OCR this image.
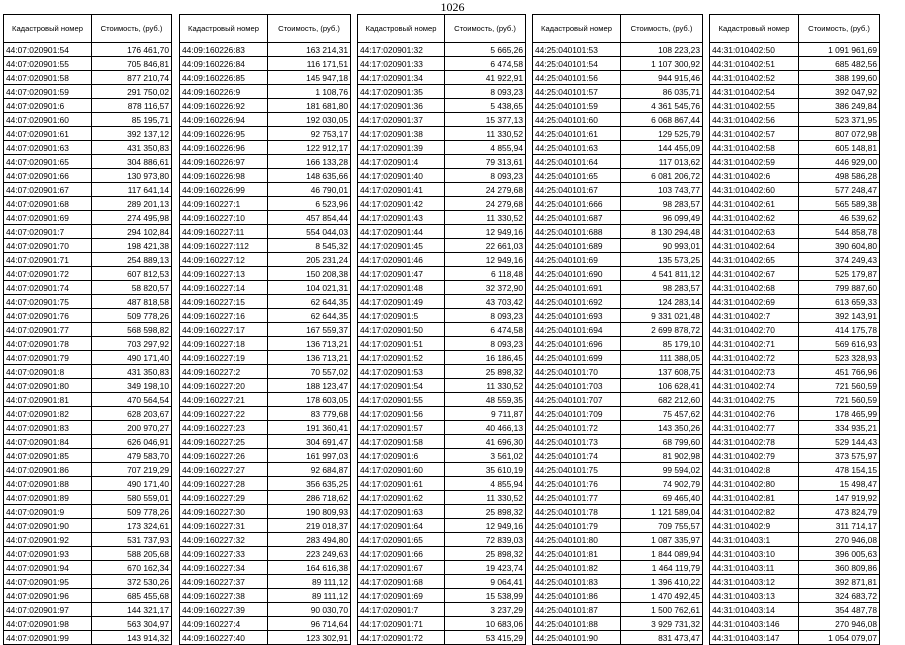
1026
Кадастровый номер	Стоимость, (руб.)
44:07:020901:54	176 461,70
44:07:020901:55	705 846,81
44:07:020901:58	877 210,74
44:07:020901:59	291 750,02
44:07:020901:6	878 116,57
44:07:020901:60	85 195,71
44:07:020901:61	392 137,12
44:07:020901:63	431 350,83
44:07:020901:65	304 886,61
44:07:020901:66	130 973,80
44:07:020901:67	117 641,14
44:07:020901:68	289 201,13
44:07:020901:69	274 495,98
44:07:020901:7	294 102,84
44:07:020901:70	198 421,38
44:07:020901:71	254 889,13
44:07:020901:72	607 812,53
44:07:020901:74	58 820,57
44:07:020901:75	487 818,58
44:07:020901:76	509 778,26
44:07:020901:77	568 598,82
44:07:020901:78	703 297,92
44:07:020901:79	490 171,40
44:07:020901:8	431 350,83
44:07:020901:80	349 198,10
44:07:020901:81	470 564,54
44:07:020901:82	628 203,67
44:07:020901:83	200 970,27
44:07:020901:84	626 046,91
44:07:020901:85	479 583,70
44:07:020901:86	707 219,29
44:07:020901:88	490 171,40
44:07:020901:89	580 559,01
44:07:020901:9	509 778,26
44:07:020901:90	173 324,61
44:07:020901:92	531 737,93
44:07:020901:93	588 205,68
44:07:020901:94	670 162,34
44:07:020901:95	372 530,26
44:07:020901:96	685 455,68
44:07:020901:97	144 321,17
44:07:020901:98	563 304,97
44:07:020901:99	143 914,32
Кадастровый номер	Стоимость, (руб.)
44:09:160226:83	163 214,31
44:09:160226:84	116 171,51
44:09:160226:85	145 947,18
44:09:160226:9	1 108,76
44:09:160226:92	181 681,80
44:09:160226:94	192 030,05
44:09:160226:95	92 753,17
44:09:160226:96	122 912,17
44:09:160226:97	166 133,28
44:09:160226:98	148 635,66
44:09:160226:99	46 790,01
44:09:160227:1	6 523,96
44:09:160227:10	457 854,44
44:09:160227:11	554 044,03
44:09:160227:112	8 545,32
44:09:160227:12	205 231,24
44:09:160227:13	150 208,38
44:09:160227:14	104 021,31
44:09:160227:15	62 644,35
44:09:160227:16	62 644,35
44:09:160227:17	167 559,37
44:09:160227:18	136 713,21
44:09:160227:19	136 713,21
44:09:160227:2	70 557,02
44:09:160227:20	188 123,47
44:09:160227:21	178 603,05
44:09:160227:22	83 779,68
44:09:160227:23	191 360,41
44:09:160227:25	304 691,47
44:09:160227:26	161 997,03
44:09:160227:27	92 684,87
44:09:160227:28	356 635,25
44:09:160227:29	286 718,62
44:09:160227:30	190 809,93
44:09:160227:31	219 018,37
44:09:160227:32	283 494,80
44:09:160227:33	223 249,63
44:09:160227:34	164 616,38
44:09:160227:37	89 111,12
44:09:160227:38	89 111,12
44:09:160227:39	90 030,70
44:09:160227:4	96 714,64
44:09:160227:40	123 302,91
Кадастровый номер	Стоимость, (руб.)
44:17:020901:32	5 665,26
44:17:020901:33	6 474,58
44:17:020901:34	41 922,91
44:17:020901:35	8 093,23
44:17:020901:36	5 438,65
44:17:020901:37	15 377,13
44:17:020901:38	11 330,52
44:17:020901:39	4 855,94
44:17:020901:4	79 313,61
44:17:020901:40	8 093,23
44:17:020901:41	24 279,68
44:17:020901:42	24 279,68
44:17:020901:43	11 330,52
44:17:020901:44	12 949,16
44:17:020901:45	22 661,03
44:17:020901:46	12 949,16
44:17:020901:47	6 118,48
44:17:020901:48	32 372,90
44:17:020901:49	43 703,42
44:17:020901:5	8 093,23
44:17:020901:50	6 474,58
44:17:020901:51	8 093,23
44:17:020901:52	16 186,45
44:17:020901:53	25 898,32
44:17:020901:54	11 330,52
44:17:020901:55	48 559,35
44:17:020901:56	9 711,87
44:17:020901:57	40 466,13
44:17:020901:58	41 696,30
44:17:020901:6	3 561,02
44:17:020901:60	35 610,19
44:17:020901:61	4 855,94
44:17:020901:62	11 330,52
44:17:020901:63	25 898,32
44:17:020901:64	12 949,16
44:17:020901:65	72 839,03
44:17:020901:66	25 898,32
44:17:020901:67	19 423,74
44:17:020901:68	9 064,41
44:17:020901:69	15 538,99
44:17:020901:7	3 237,29
44:17:020901:71	10 683,06
44:17:020901:72	53 415,29
Кадастровый номер	Стоимость, (руб.)
44:25:040101:53	108 223,23
44:25:040101:54	1 107 300,92
44:25:040101:56	944 915,46
44:25:040101:57	86 035,71
44:25:040101:59	4 361 545,76
44:25:040101:60	6 068 867,44
44:25:040101:61	129 525,79
44:25:040101:63	144 455,09
44:25:040101:64	117 013,62
44:25:040101:65	6 081 206,72
44:25:040101:67	103 743,77
44:25:040101:666	98 283,57
44:25:040101:687	96 099,49
44:25:040101:688	8 130 294,48
44:25:040101:689	90 993,01
44:25:040101:69	135 573,25
44:25:040101:690	4 541 811,12
44:25:040101:691	98 283,57
44:25:040101:692	124 283,14
44:25:040101:693	9 331 021,48
44:25:040101:694	2 699 878,72
44:25:040101:696	85 179,10
44:25:040101:699	111 388,05
44:25:040101:70	137 608,75
44:25:040101:703	106 628,41
44:25:040101:707	682 212,60
44:25:040101:709	75 457,62
44:25:040101:72	143 350,26
44:25:040101:73	68 799,60
44:25:040101:74	81 902,98
44:25:040101:75	99 594,02
44:25:040101:76	74 902,79
44:25:040101:77	69 465,40
44:25:040101:78	1 121 589,04
44:25:040101:79	709 755,57
44:25:040101:80	1 087 335,97
44:25:040101:81	1 844 089,94
44:25:040101:82	1 464 119,79
44:25:040101:83	1 396 410,22
44:25:040101:86	1 470 492,45
44:25:040101:87	1 500 762,61
44:25:040101:88	3 929 731,32
44:25:040101:90	831 473,47
Кадастровый номер	Стоимость, (руб.)
44:31:010402:50	1 091 961,69
44:31:010402:51	685 482,56
44:31:010402:52	388 199,60
44:31:010402:54	392 047,92
44:31:010402:55	386 249,84
44:31:010402:56	523 371,95
44:31:010402:57	807 072,98
44:31:010402:58	605 148,81
44:31:010402:59	446 929,00
44:31:010402:6	498 586,28
44:31:010402:60	577 248,47
44:31:010402:61	565 589,38
44:31:010402:62	46 539,62
44:31:010402:63	544 858,78
44:31:010402:64	390 604,80
44:31:010402:65	374 249,43
44:31:010402:67	525 179,87
44:31:010402:68	799 887,60
44:31:010402:69	613 659,33
44:31:010402:7	392 143,91
44:31:010402:70	414 175,78
44:31:010402:71	569 616,93
44:31:010402:72	523 328,93
44:31:010402:73	451 766,96
44:31:010402:74	721 560,59
44:31:010402:75	721 560,59
44:31:010402:76	178 465,99
44:31:010402:77	334 935,21
44:31:010402:78	529 144,43
44:31:010402:79	373 575,97
44:31:010402:8	478 154,15
44:31:010402:80	15 498,47
44:31:010402:81	147 919,92
44:31:010402:82	473 824,79
44:31:010402:9	311 714,17
44:31:010403:1	270 946,08
44:31:010403:10	396 005,63
44:31:010403:11	360 809,86
44:31:010403:12	392 871,81
44:31:010403:13	324 683,72
44:31:010403:14	354 487,78
44:31:010403:146	270 946,08
44:31:010403:147	1 054 079,07
